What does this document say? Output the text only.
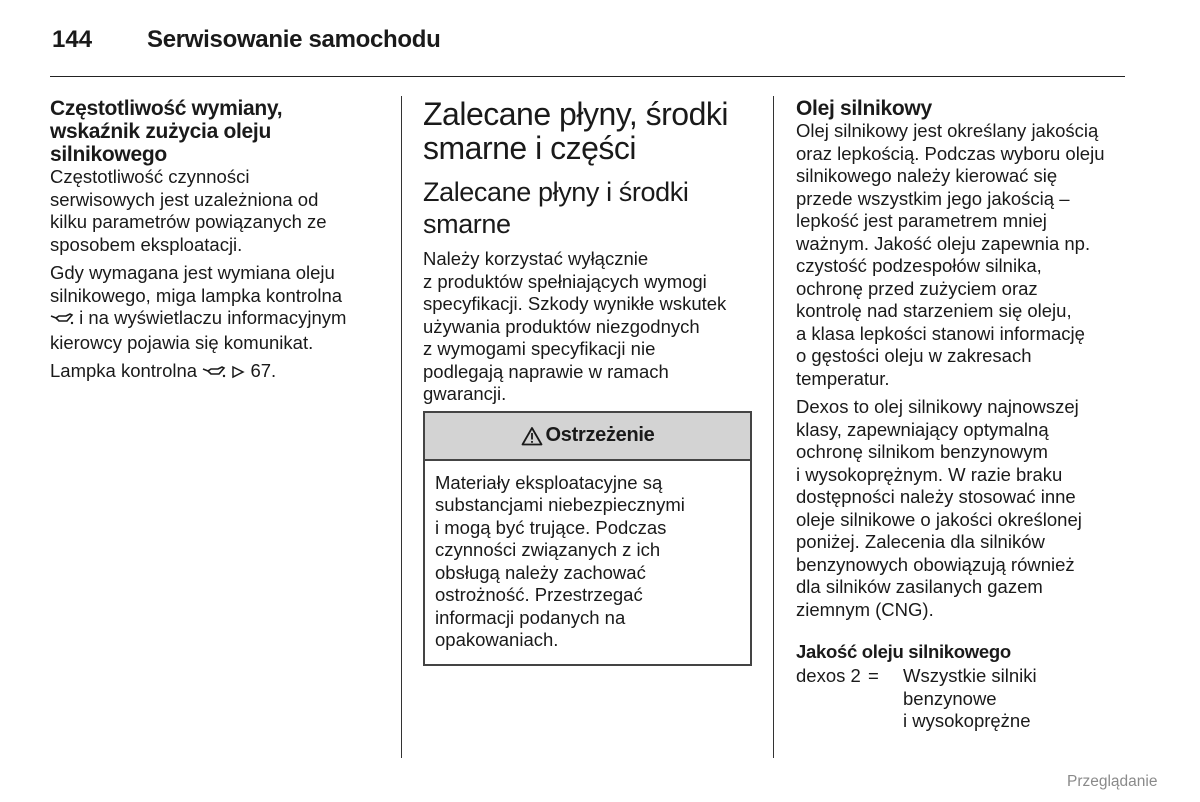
144 Serwisowanie samochodu
Częstotliwość wymiany,
wskaźnik zużycia oleju
silnikowego

Częstotliwość czynności

serwisowych jest uzależniona od

kilku parametrów powiązanych ze

sposobem eksploatacji.

Gdy wymagana jest wymiana oleju

silnikowego, miga lampka kontrolna

i na wyświetlaczu informacyjnym

kierowcy pojawia się komunikat.

Lampka kontrolna   67.

Zalecane płyny, środki
smarne i części
Zalecane płyny i środki
smarne

Należy korzystać wyłącznie

z produktów spełniających wymogi

specyfikacji. Szkody wynikłe wskutek

używania produktów niezgodnych

z wymogami specyfikacji nie

podlegają naprawie w ramach

gwarancji.

Ostrzeżenie

Materiały eksploatacyjne są

substancjami niebezpiecznymi

i mogą być trujące. Podczas

czynności związanych z ich

obsługą należy zachować

ostrożność. Przestrzegać

informacji podanych na

opakowaniach.

Olej silnikowy

Olej silnikowy jest określany jakością

oraz lepkością. Podczas wyboru oleju

silnikowego należy kierować się

przede wszystkim jego jakością –

lepkość jest parametrem mniej

ważnym. Jakość oleju zapewnia np.

czystość podzespołów silnika,

ochronę przed zużyciem oraz

kontrolę nad starzeniem się oleju,

a klasa lepkości stanowi informację

o gęstości oleju w zakresach

temperatur.

Dexos to olej silnikowy najnowszej

klasy, zapewniający optymalną

ochronę silnikom benzynowym

i wysokoprężnym. W razie braku

dostępności należy stosować inne

oleje silnikowe o jakości określonej

poniżej. Zalecenia dla silników

benzynowych obowiązują również

dla silników zasilanych gazem

ziemnym (CNG).

Jakość oleju silnikowego
dexos 2 =	Wszystkie silniki

benzynowe

i wysokoprężne

Przeglądanie
